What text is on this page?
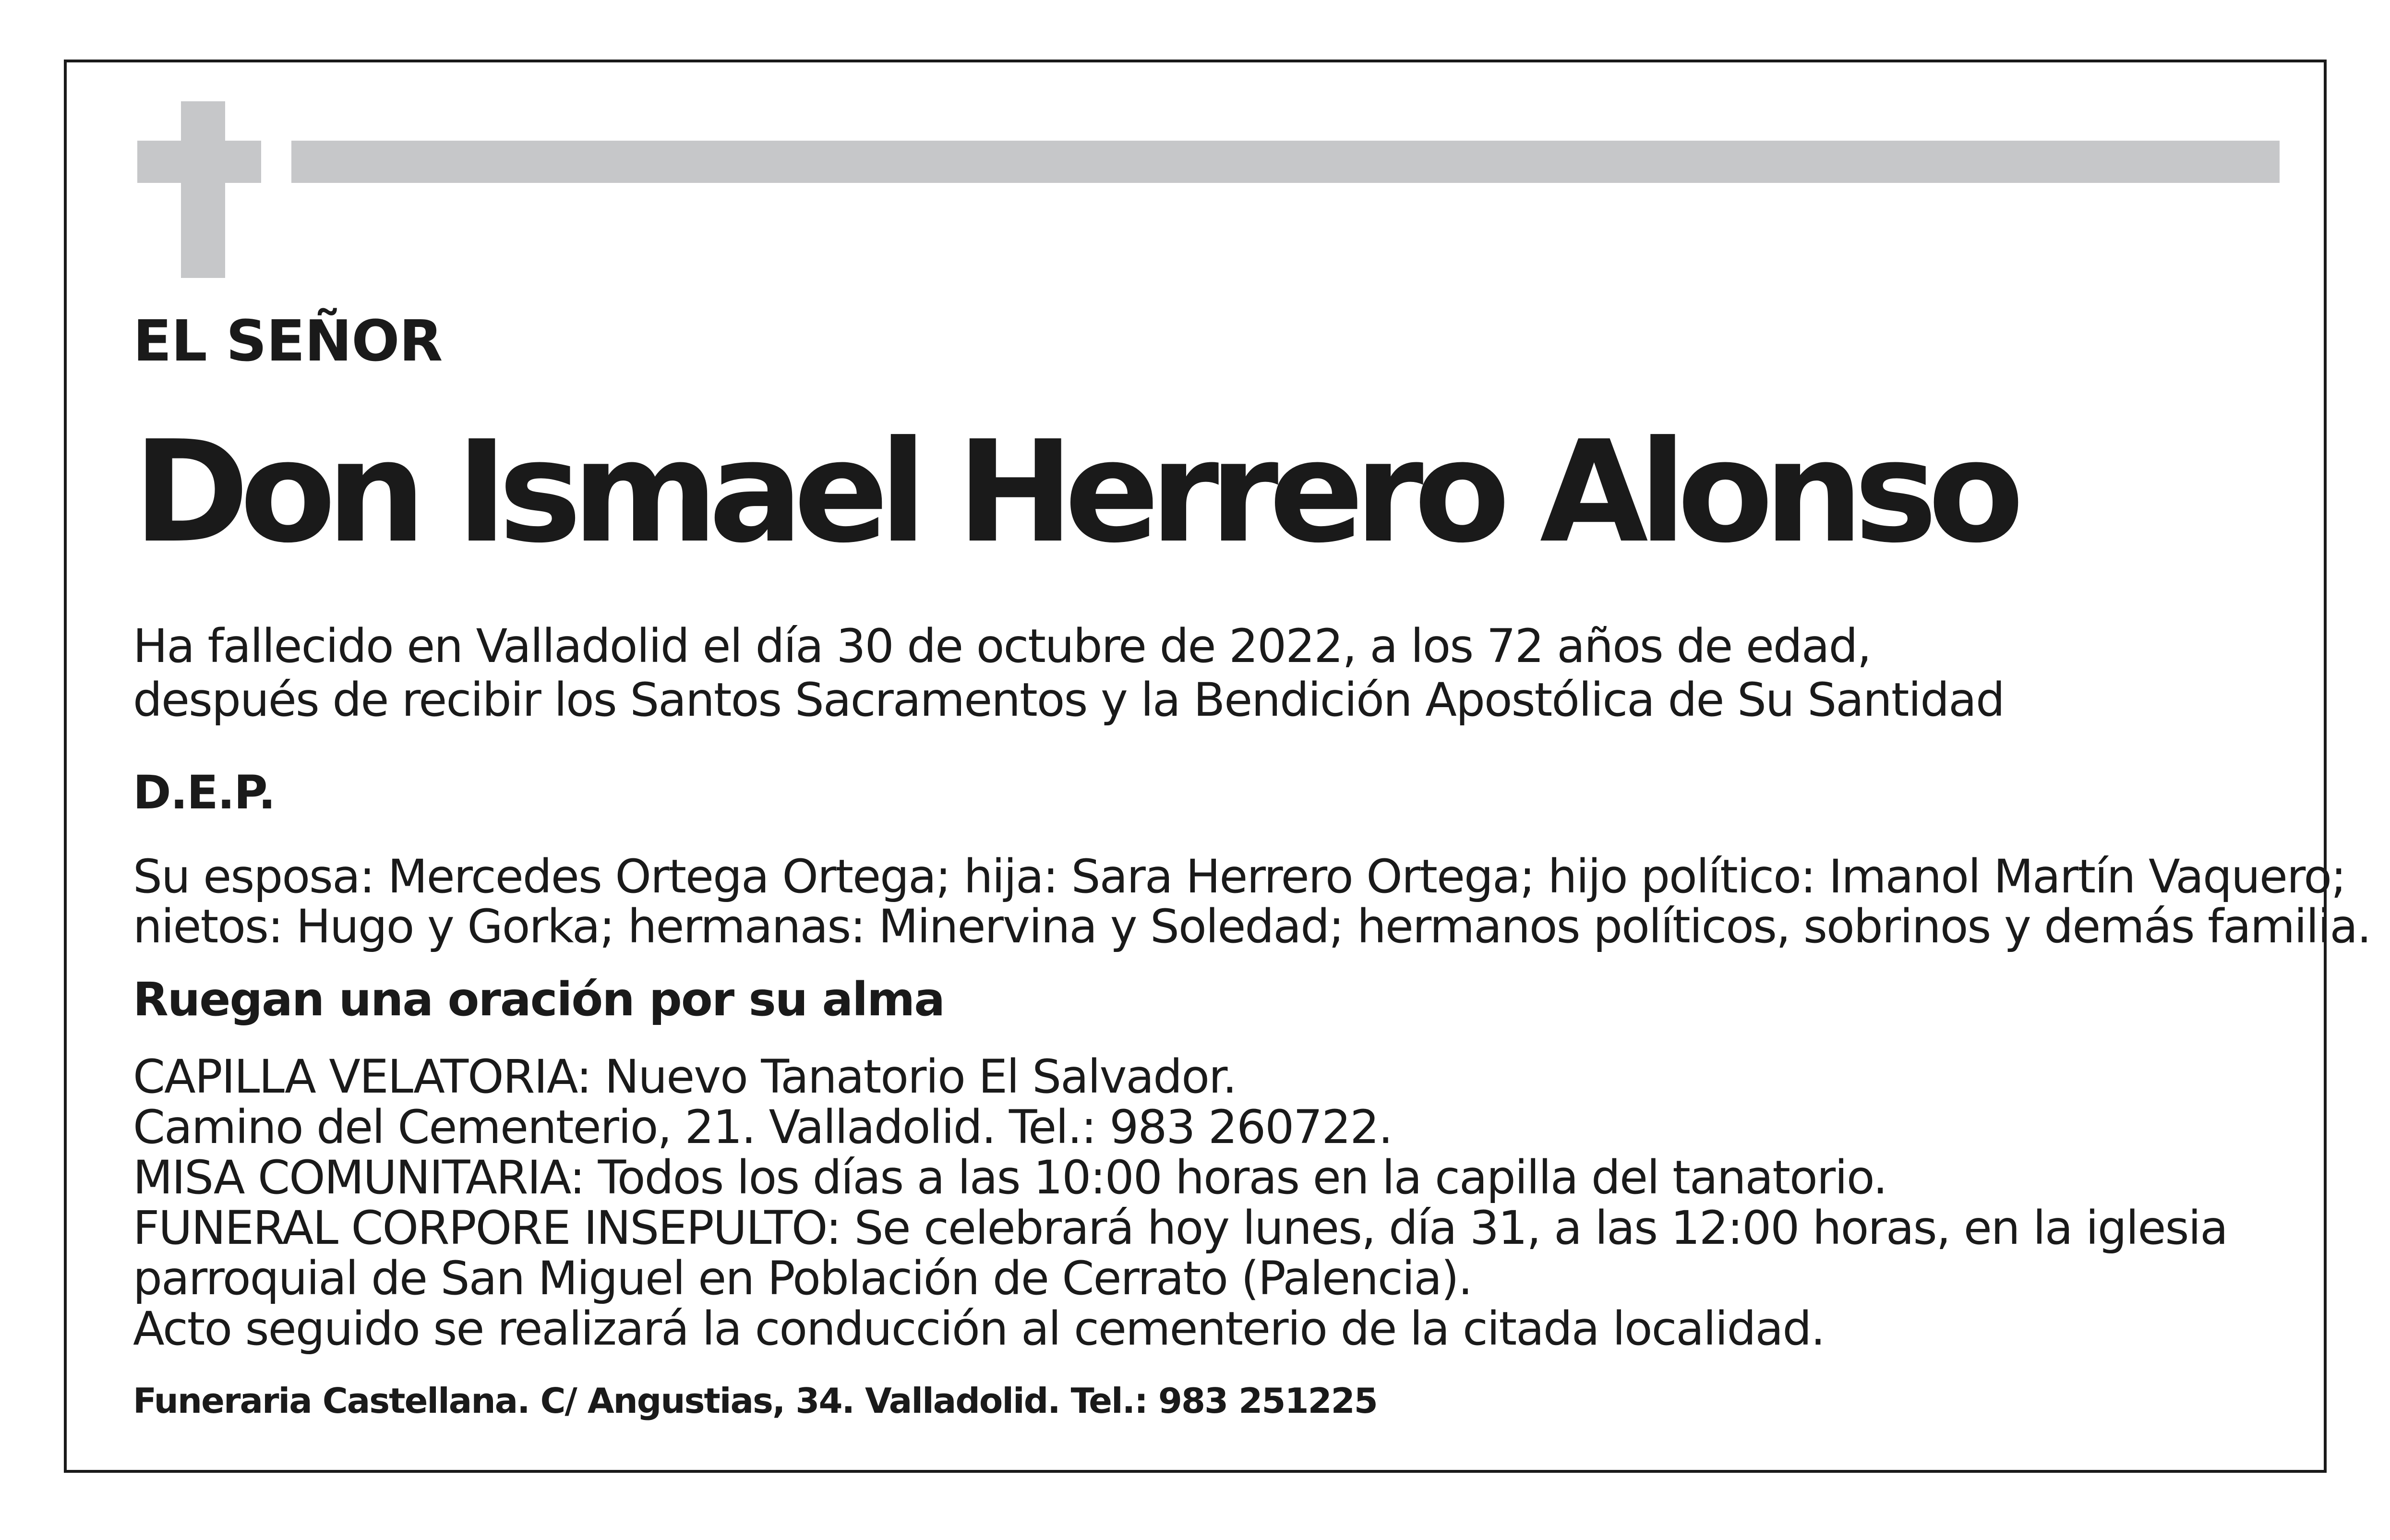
EL SEÑOR

Don Ismael Herrero Alonso

Ha fallecido en Valladolid el día 30 de octubre de 2022, a los 72 años de edad,

después de recibir los Santos Sacramentos y la Bendición Apostólica de Su Santidad

D.E.P.

Su esposa: Mercedes Ortega Ortega; hija: Sara Herrero Ortega; hijo político: Imanol Martín Vaquero;

nietos: Hugo y Gorka; hermanas: Minervina y Soledad; hermanos políticos, sobrinos y demás familia.

Ruegan una oración por su alma

CAPILLA VELATORIA: Nuevo Tanatorio El Salvador.

Camino del Cementerio, 21. Valladolid. Tel.: 983 260722.

MISA COMUNITARIA: Todos los días a las 10:00 horas en la capilla del tanatorio.

FUNERAL CORPORE INSEPULTO: Se celebrará hoy lunes, día 31, a las 12:00 horas, en la iglesia

parroquial de San Miguel en Población de Cerrato (Palencia).

Acto seguido se realizará la conducción al cementerio de la citada localidad.

Funeraria Castellana. C/ Angustias, 34. Valladolid. Tel.: 983 251225
